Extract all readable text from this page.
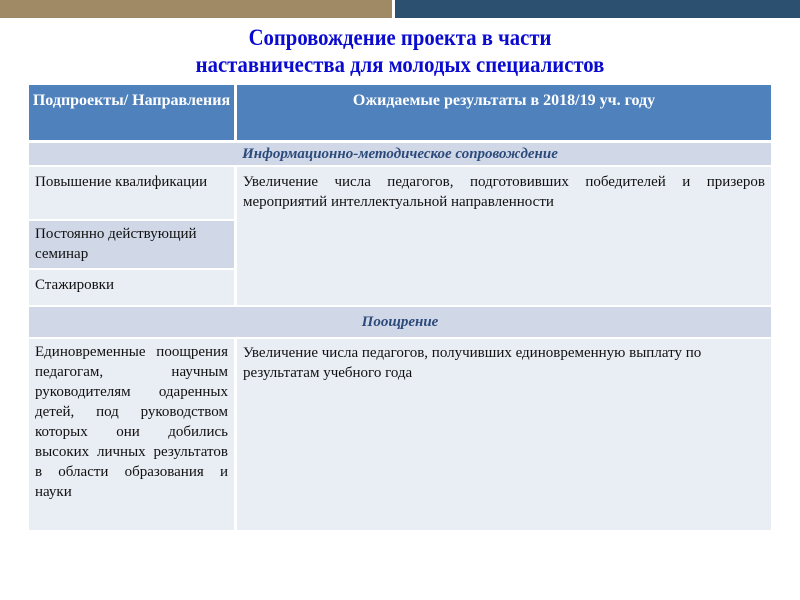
Сопровождение проекта в части
наставничества для молодых специалистов
Подпроекты/ Направления	Ожидаемые результаты в 2018/19 уч. году
Информационно-методическое сопровождение
Повышение квалификации
Постоянно действующий семинар
Стажировки
Увеличение числа педагогов, подготовивших победителей и призеров мероприятий интеллектуальной направленности
Поощрение
Единовременные поощрения педагогам, научным руководителям одаренных детей, под руководством которых они добились высоких личных результатов в области образования и науки
Увеличение числа педагогов, получивших единовременную выплату по результатам учебного года
